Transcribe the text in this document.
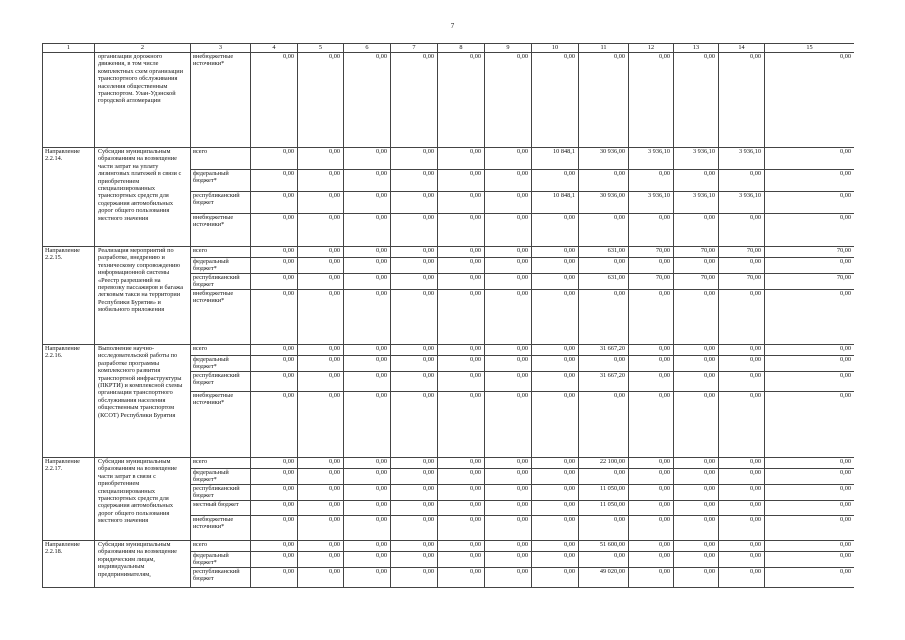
7
1	2	3	4	5	6	7	8	9	10	11	12	13	14	15
	организации дорожного движения, в том числе комплектных схем организации транспортного обслуживания населения общественным транспортом. Улан-Удэнской городской агломерации	внебюджетные источники*	0,00	0,00	0,00	0,00	0,00	0,00	0,00	0,00	0,00	0,00	0,00	0,00
Направление 2.2.14.	Субсидии муниципальным образованиям на возмещение части затрат на уплату лизинговых платежей в связи с приобретением специализированных транспортных средств для содержания автомобильных дорог общего пользования местного значения	всего	0,00	0,00	0,00	0,00	0,00	0,00	10 848,1	30 936,00	3 936,10	3 936,10	3 936,10	0,00
		федеральный бюджет*	0,00	0,00	0,00	0,00	0,00	0,00	0,00	0,00	0,00	0,00	0,00	0,00
		республиканский бюджет	0,00	0,00	0,00	0,00	0,00	0,00	10 848,1	30 936,00	3 936,10	3 936,10	3 936,10	0,00
		внебюджетные источники*	0,00	0,00	0,00	0,00	0,00	0,00	0,00	0,00	0,00	0,00	0,00	0,00
Направление 2.2.15.	Реализация мероприятий по разработке, внедрению и техническому сопровождению информационной системы «Реестр разрешений на перевозку пассажиров и багажа легковым такси на территории Республики Бурятия» и мобильного приложения	всего	0,00	0,00	0,00	0,00	0,00	0,00	0,00	631,00	70,00	70,00	70,00	70,00
		федеральный бюджет*	0,00	0,00	0,00	0,00	0,00	0,00	0,00	0,00	0,00	0,00	0,00	0,00
		республиканский бюджет	0,00	0,00	0,00	0,00	0,00	0,00	0,00	631,00	70,00	70,00	70,00	70,00
		внебюджетные источники*	0,00	0,00	0,00	0,00	0,00	0,00	0,00	0,00	0,00	0,00	0,00	0,00
Направление 2.2.16.	Выполнение научно-исследовательской работы по разработке программы комплексного развития транспортной инфраструктуры (ПКРТИ) и комплексной схемы организации транспортного обслуживания населения общественным транспортом (КСОТ) Республики Бурятия	всего	0,00	0,00	0,00	0,00	0,00	0,00	0,00	31 667,20	0,00	0,00	0,00	0,00
		федеральный бюджет*	0,00	0,00	0,00	0,00	0,00	0,00	0,00	0,00	0,00	0,00	0,00	0,00
		республиканский бюджет	0,00	0,00	0,00	0,00	0,00	0,00	0,00	31 667,20	0,00	0,00	0,00	0,00
		внебюджетные источники*	0,00	0,00	0,00	0,00	0,00	0,00	0,00	0,00	0,00	0,00	0,00	0,00
Направление 2.2.17.	Субсидии муниципальным образованиям на возмещение части затрат в связи с приобретением специализированных транспортных средств для содержания автомобильных дорог общего пользования местного значения	всего	0,00	0,00	0,00	0,00	0,00	0,00	0,00	22 100,00	0,00	0,00	0,00	0,00
		федеральный бюджет*	0,00	0,00	0,00	0,00	0,00	0,00	0,00	0,00	0,00	0,00	0,00	0,00
		республиканский бюджет	0,00	0,00	0,00	0,00	0,00	0,00	0,00	11 050,00	0,00	0,00	0,00	0,00
		местный бюджет	0,00	0,00	0,00	0,00	0,00	0,00	0,00	11 050,00	0,00	0,00	0,00	0,00
		внебюджетные источники*	0,00	0,00	0,00	0,00	0,00	0,00	0,00	0,00	0,00	0,00	0,00	0,00
Направление 2.2.18.	Субсидии муниципальным образованиям на возмещение юридическим лицам, индивидуальным предпринимателям,	всего	0,00	0,00	0,00	0,00	0,00	0,00	0,00	51 600,00	0,00	0,00	0,00	0,00
		федеральный бюджет*	0,00	0,00	0,00	0,00	0,00	0,00	0,00	0,00	0,00	0,00	0,00	0,00
		республиканский бюджет	0,00	0,00	0,00	0,00	0,00	0,00	0,00	49 020,00	0,00	0,00	0,00	0,00
